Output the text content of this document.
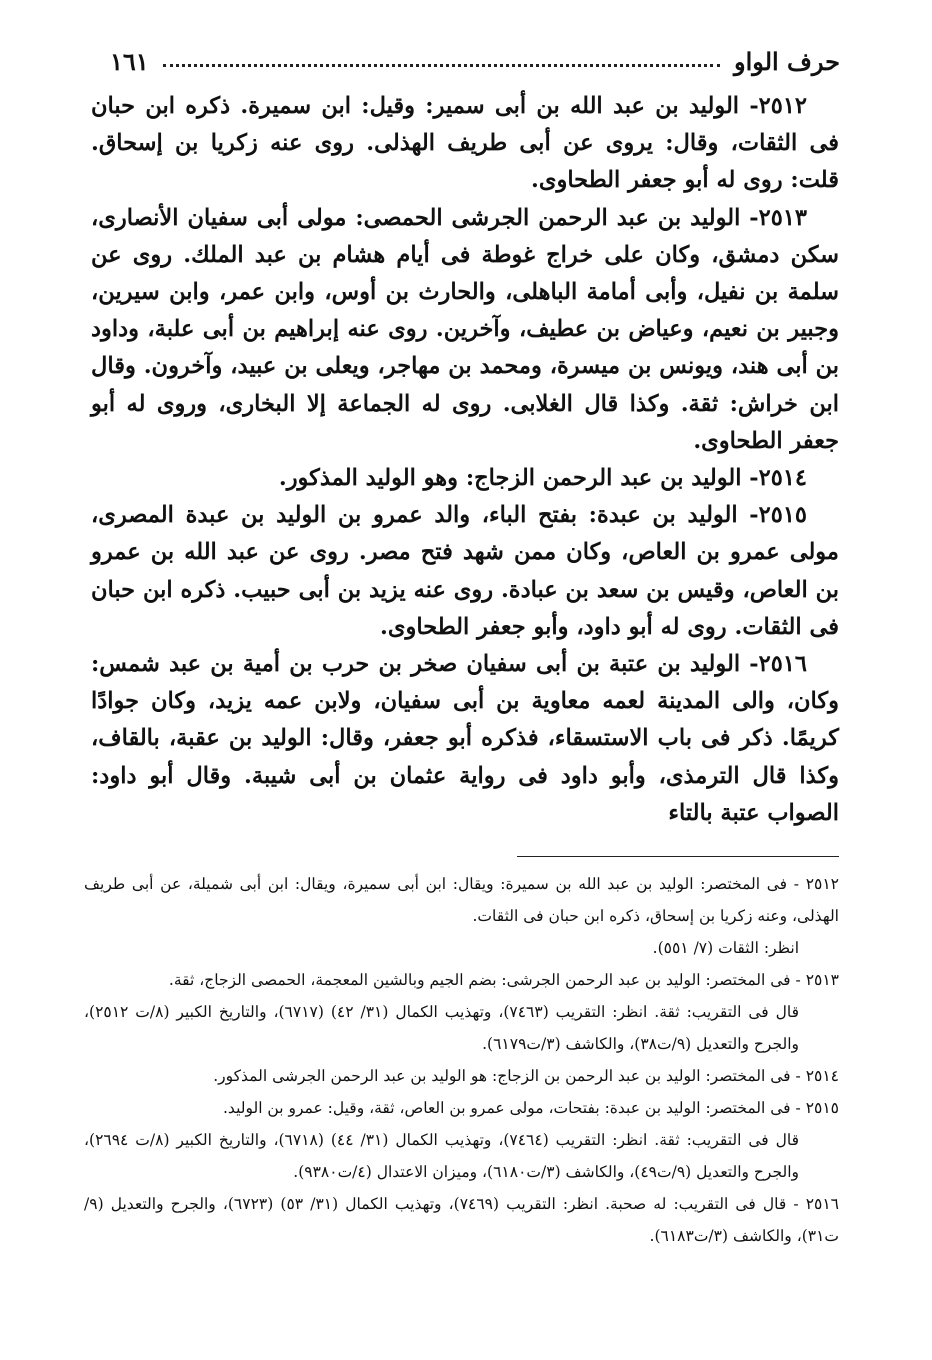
حرف الواو
١٦١

٢٥١٢- الوليد بن عبد الله بن أبى سمير: وقيل: ابن سميرة. ذكره ابن حبان فى الثقات، وقال: يروى عن أبى طريف الهذلى. روى عنه زكريا بن إسحاق. قلت: روى له أبو جعفر الطحاوى.

٢٥١٣- الوليد بن عبد الرحمن الجرشى الحمصى: مولى أبى سفيان الأنصارى، سكن دمشق، وكان على خراج غوطة فى أيام هشام بن عبد الملك. روى عن سلمة بن نفيل، وأبى أمامة الباهلى، والحارث بن أوس، وابن عمر، وابن سيرين، وجبير بن نعيم، وعياض بن عطيف، وآخرين. روى عنه إبراهيم بن أبى علبة، وداود بن أبى هند، ويونس بن ميسرة، ومحمد بن مهاجر، ويعلى بن عبيد، وآخرون. وقال ابن خراش: ثقة. وكذا قال الغلابى. روى له الجماعة إلا البخارى، وروى له أبو جعفر الطحاوى.

٢٥١٤- الوليد بن عبد الرحمن الزجاج: وهو الوليد المذكور.

٢٥١٥- الوليد بن عبدة: بفتح الباء، والد عمرو بن الوليد بن عبدة المصرى، مولى عمرو بن العاص، وكان ممن شهد فتح مصر. روى عن عبد الله بن عمرو بن العاص، وقيس بن سعد بن عبادة. روى عنه يزيد بن أبى حبيب. ذكره ابن حبان فى الثقات. روى له أبو داود، وأبو جعفر الطحاوى.

٢٥١٦- الوليد بن عتبة بن أبى سفيان صخر بن حرب بن أمية بن عبد شمس: وكان، والى المدينة لعمه معاوية بن أبى سفيان، ولابن عمه يزيد، وكان جوادًا كريمًا. ذكر فى باب الاستسقاء، فذكره أبو جعفر، وقال: الوليد بن عقبة، بالقاف، وكذا قال الترمذى، وأبو داود فى رواية عثمان بن أبى شيبة. وقال أبو داود: الصواب عتبة بالتاء

٢٥١٢ - فى المختصر: الوليد بن عبد الله بن سميرة: ويقال: ابن أبى سميرة، ويقال: ابن أبى شميلة، عن أبى طريف الهذلى، وعنه زكريا بن إسحاق، ذكره ابن حبان فى الثقات.

انظر: الثقات (٧/ ٥٥١).

٢٥١٣ - فى المختصر: الوليد بن عبد الرحمن الجرشى: بضم الجيم وبالشين المعجمة، الحمصى الزجاج، ثقة.

قال فى التقريب: ثقة. انظر: التقريب (٧٤٦٣)، وتهذيب الكمال (٣١/ ٤٢) (٦٧١٧)، والتاريخ الكبير (٨/ت ٢٥١٢)، والجرح والتعديل (٩/ت٣٨)، والكاشف (٣/ت٦١٧٩).

٢٥١٤ - فى المختصر: الوليد بن عبد الرحمن بن الزجاج: هو الوليد بن عبد الرحمن الجرشى المذكور.

٢٥١٥ - فى المختصر: الوليد بن عبدة: بفتحات، مولى عمرو بن العاص، ثقة، وقيل: عمرو بن الوليد.

قال فى التقريب: ثقة. انظر: التقريب (٧٤٦٤)، وتهذيب الكمال (٣١/ ٤٤) (٦٧١٨)، والتاريخ الكبير (٨/ت ٢٦٩٤)، والجرح والتعديل (٩/ت٤٩)، والكاشف (٣/ت٦١٨٠)، وميزان الاعتدال (٤/ت٩٣٨٠).

٢٥١٦ - قال فى التقريب: له صحبة. انظر: التقريب (٧٤٦٩)، وتهذيب الكمال (٣١/ ٥٣) (٦٧٢٣)، والجرح والتعديل (٩/ت٣١)، والكاشف (٣/ت٦١٨٣).
